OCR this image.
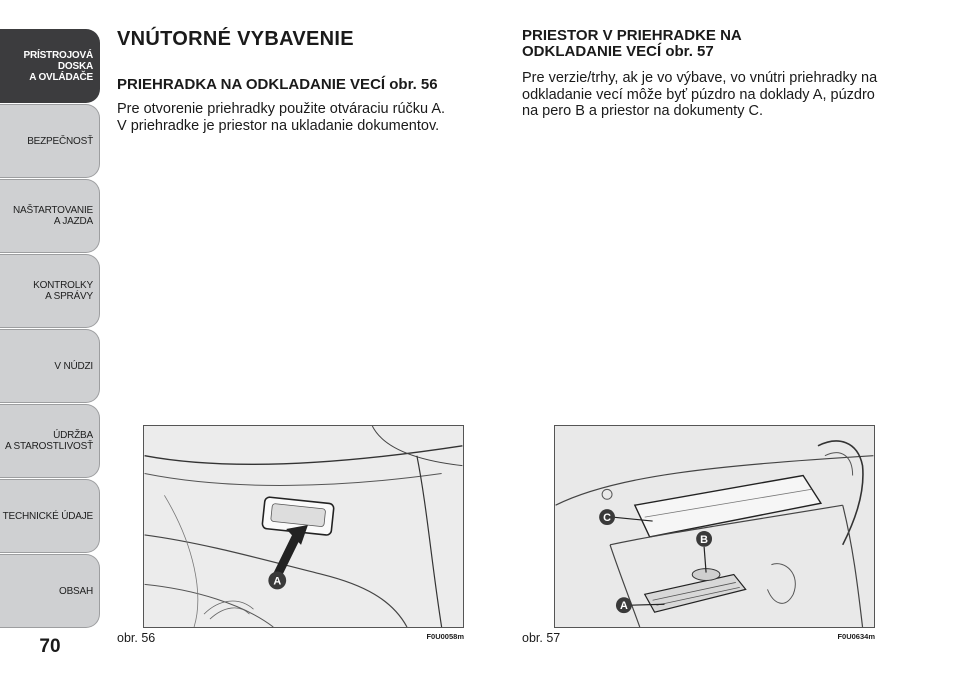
PRÍSTROJOVÁ
DOSKA
A OVLÁDAČE
BEZPEČNOSŤ
NAŠTARTOVANIE
A JAZDA
KONTROLKY
A SPRÁVY
V NÚDZI
ÚDRŽBA
A STAROSTLIVOSŤ
TECHNICKÉ ÚDAJE
OBSAH
70
VNÚTORNÉ VYBAVENIE
PRIEHRADKA NA ODKLADANIE VECÍ obr. 56

Pre otvorenie priehradky použite otváraciu rúčku A.
V priehradke je priestor na ukladanie dokumentov.

PRIESTOR V PRIEHRADKE NA
ODKLADANIE VECÍ obr. 57

Pre verzie/trhy, ak je vo výbave, vo vnútri priehradky na
odkladanie vecí môže byť púzdro na doklady A, púzdro
na pero B a priestor na dokumenty C.

A
obr. 56	F0U0058m
C
B
A
obr. 57	F0U0634m
